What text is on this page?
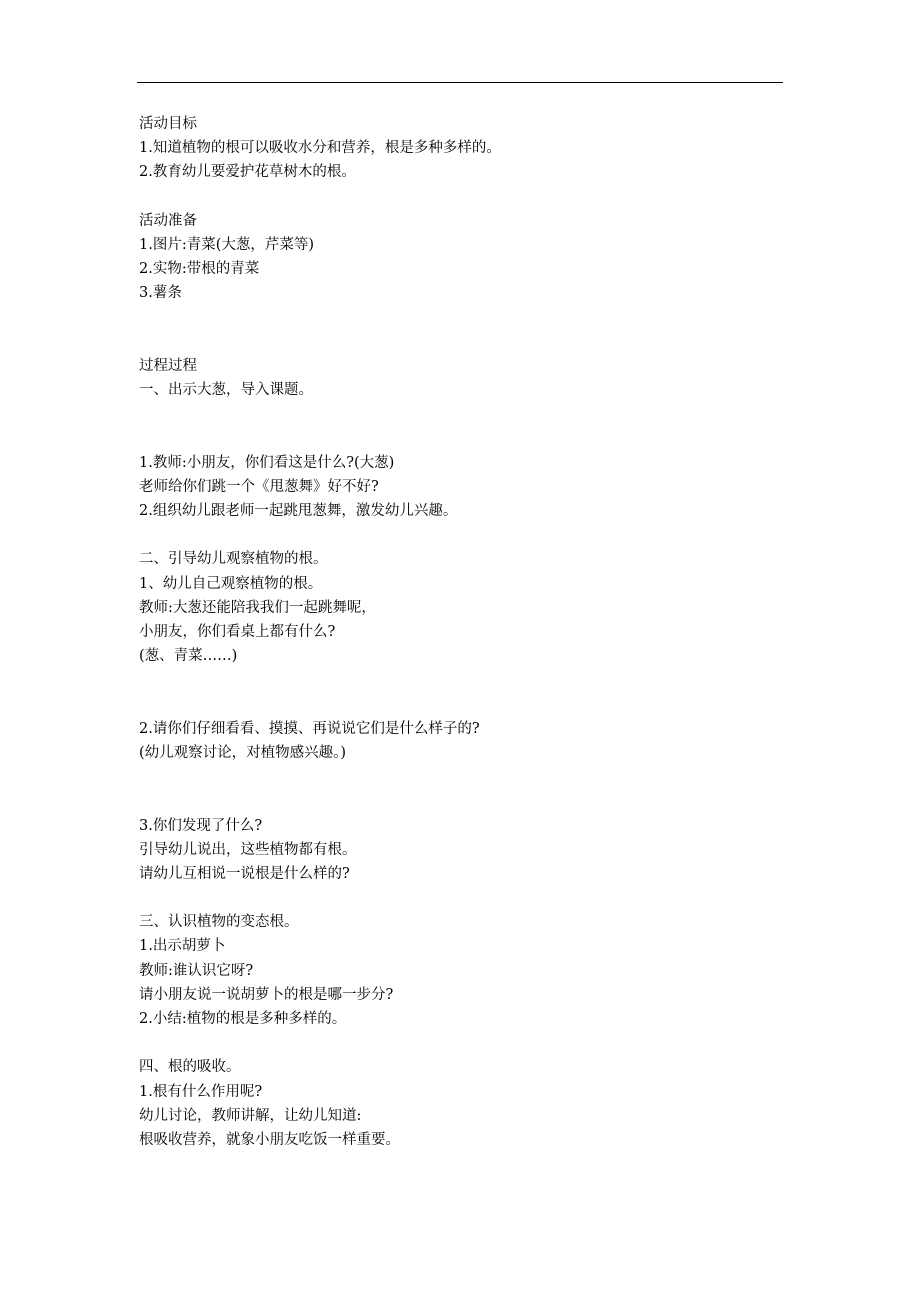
活动目标
1.知道植物的根可以吸收水分和营养，根是多种多样的。
2.教育幼儿要爱护花草树木的根。
活动准备
1.图片:青菜(大葱，芹菜等)
2.实物:带根的青菜
3.薯条
过程过程
一、出示大葱，导入课题。
1.教师:小朋友，你们看这是什么?(大葱)
老师给你们跳一个《甩葱舞》好不好?
2.组织幼儿跟老师一起跳甩葱舞，激发幼儿兴趣。
二、引导幼儿观察植物的根。
1、幼儿自己观察植物的根。
教师:大葱还能陪我我们一起跳舞呢，
小朋友，你们看桌上都有什么?
(葱、青菜……)
2.请你们仔细看看、摸摸、再说说它们是什么样子的?
(幼儿观察讨论，对植物感兴趣。)
3.你们发现了什么?
引导幼儿说出，这些植物都有根。
请幼儿互相说一说根是什么样的?
三、认识植物的变态根。
1.出示胡萝卜
教师:谁认识它呀?
请小朋友说一说胡萝卜的根是哪一步分?
2.小结:植物的根是多种多样的。
四、根的吸收。
1.根有什么作用呢?
幼儿讨论，教师讲解，让幼儿知道:
根吸收营养，就象小朋友吃饭一样重要。
